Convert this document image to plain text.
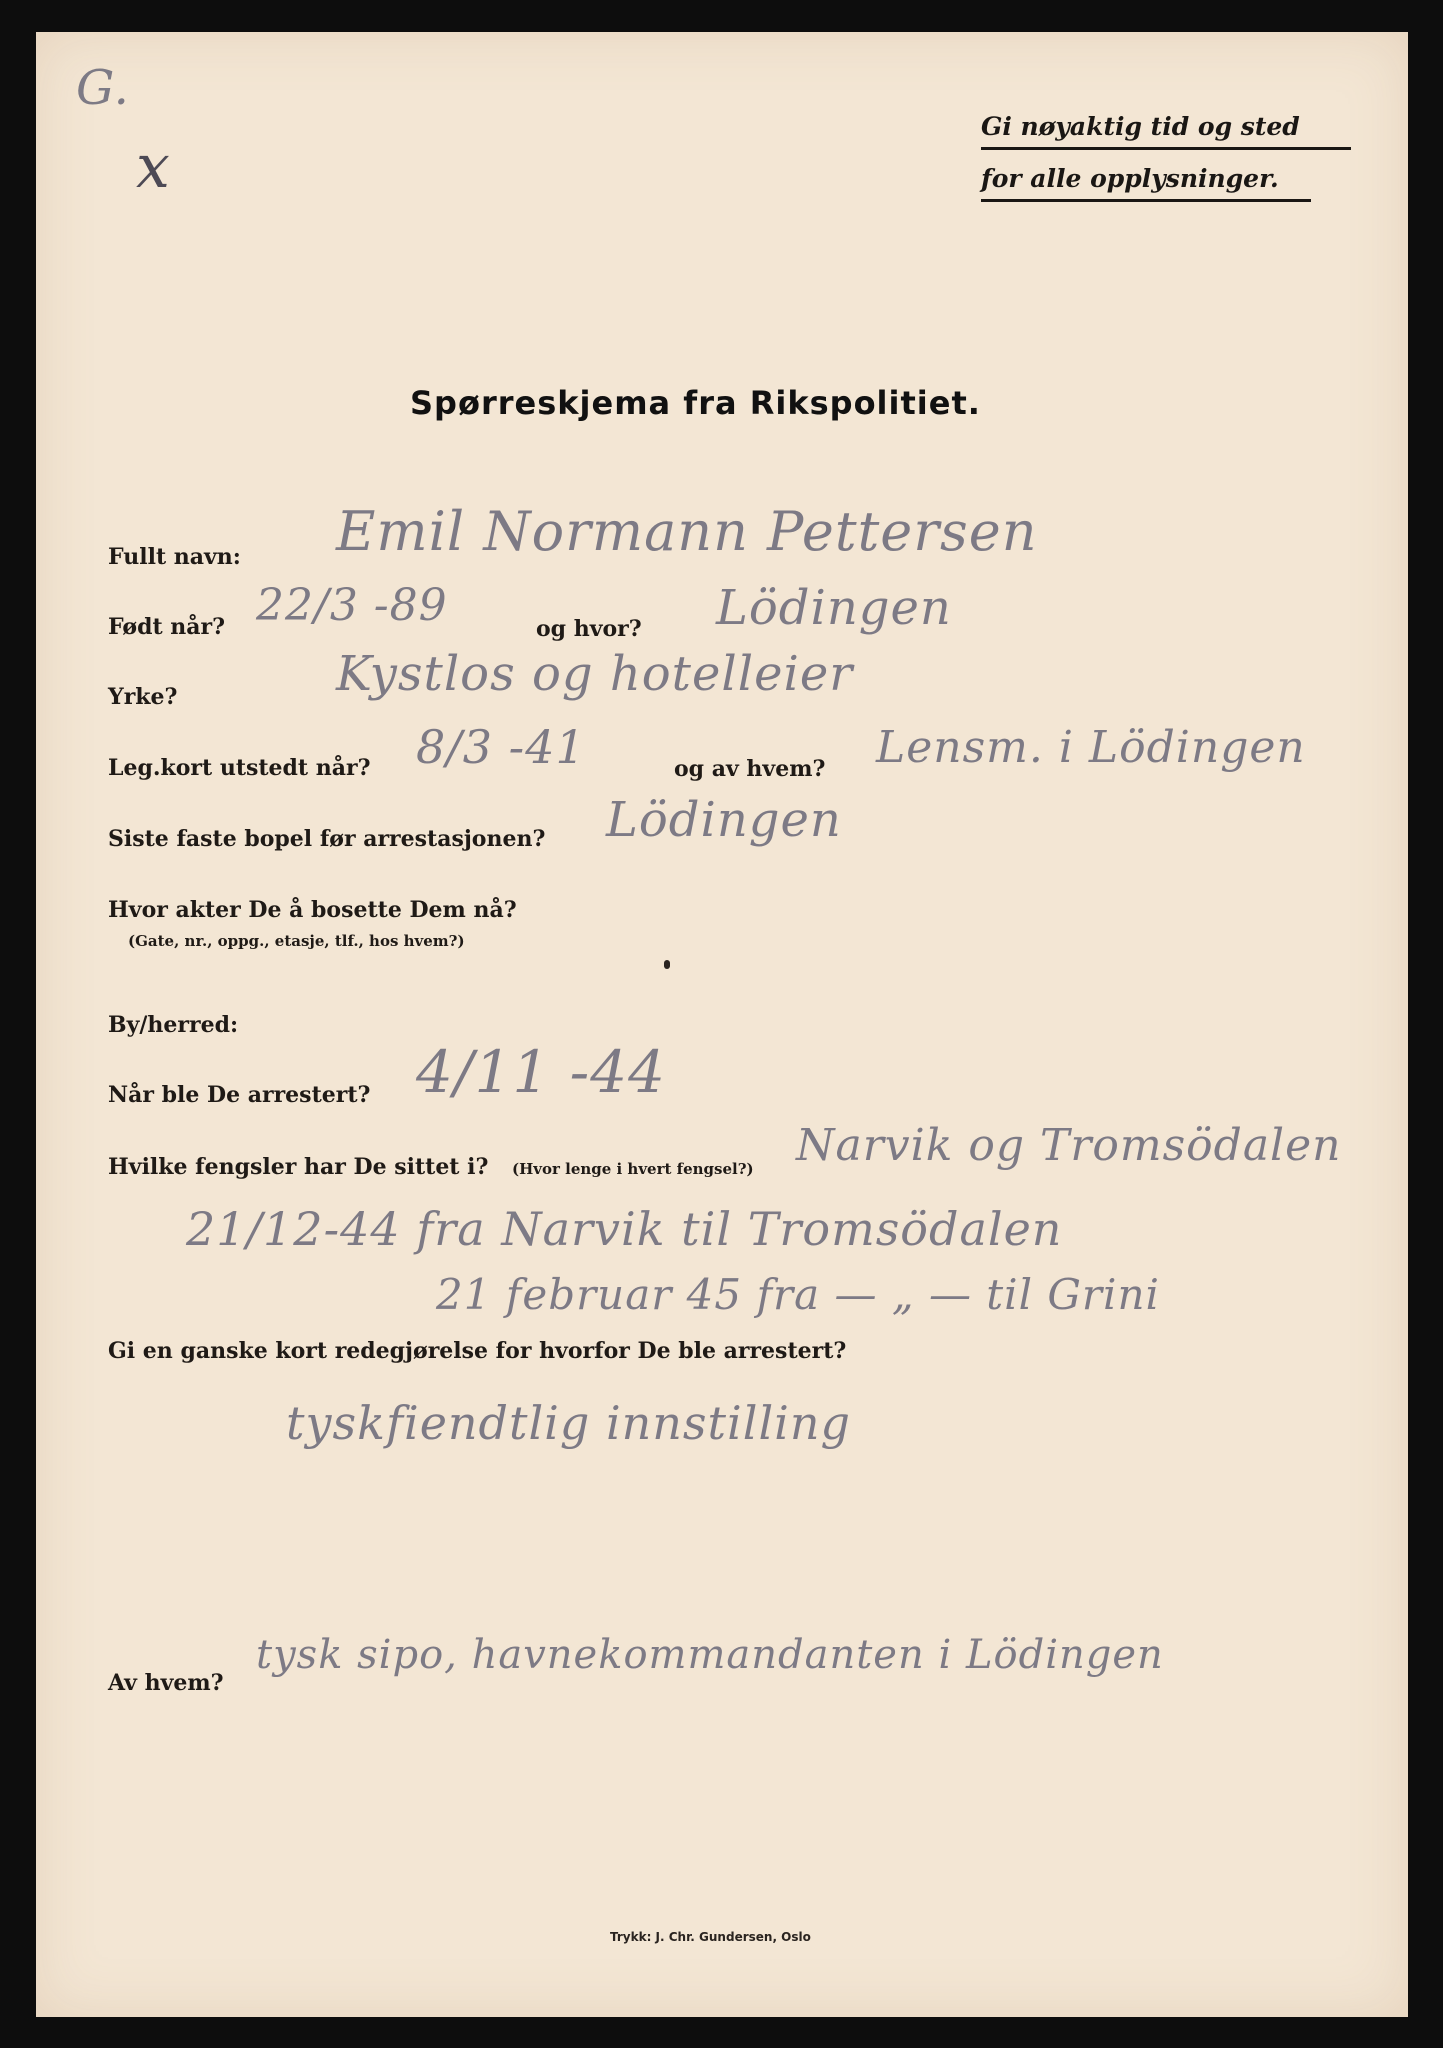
G.
x
Gi nøyaktig tid og sted
for alle opplysninger.
Spørreskjema fra Rikspolitiet.
Fullt navn: Emil Normann Pettersen
Født når? 22/3 -89	og hvor? Lödingen
Yrke?	Kystlos og hotelleier
Leg.kort utstedt når? 8/3 -41	og av hvem? Lensm. i Lödingen
Siste faste bopel før arrestasjonen? Lödingen
Hvor akter De å bosette Dem nå?
(Gate, nr., oppg., etasje, tlf., hos hvem?)
By/herred:
Når ble De arrestert? 4/11 -44
Hvilke fengsler har De sittet i? (Hvor lenge i hvert fengsel?) Narvik og Tromsödalen
21/12-44 fra Narvik til Tromsödalen
21 februar 45 fra — „ — til Grini
Gi en ganske kort redegjørelse for hvorfor De ble arrestert?
tyskfiendtlig innstilling
Av hvem?
tysk sipo, havnekommandanten i Lödingen
Trykk: J. Chr. Gundersen, Oslo
